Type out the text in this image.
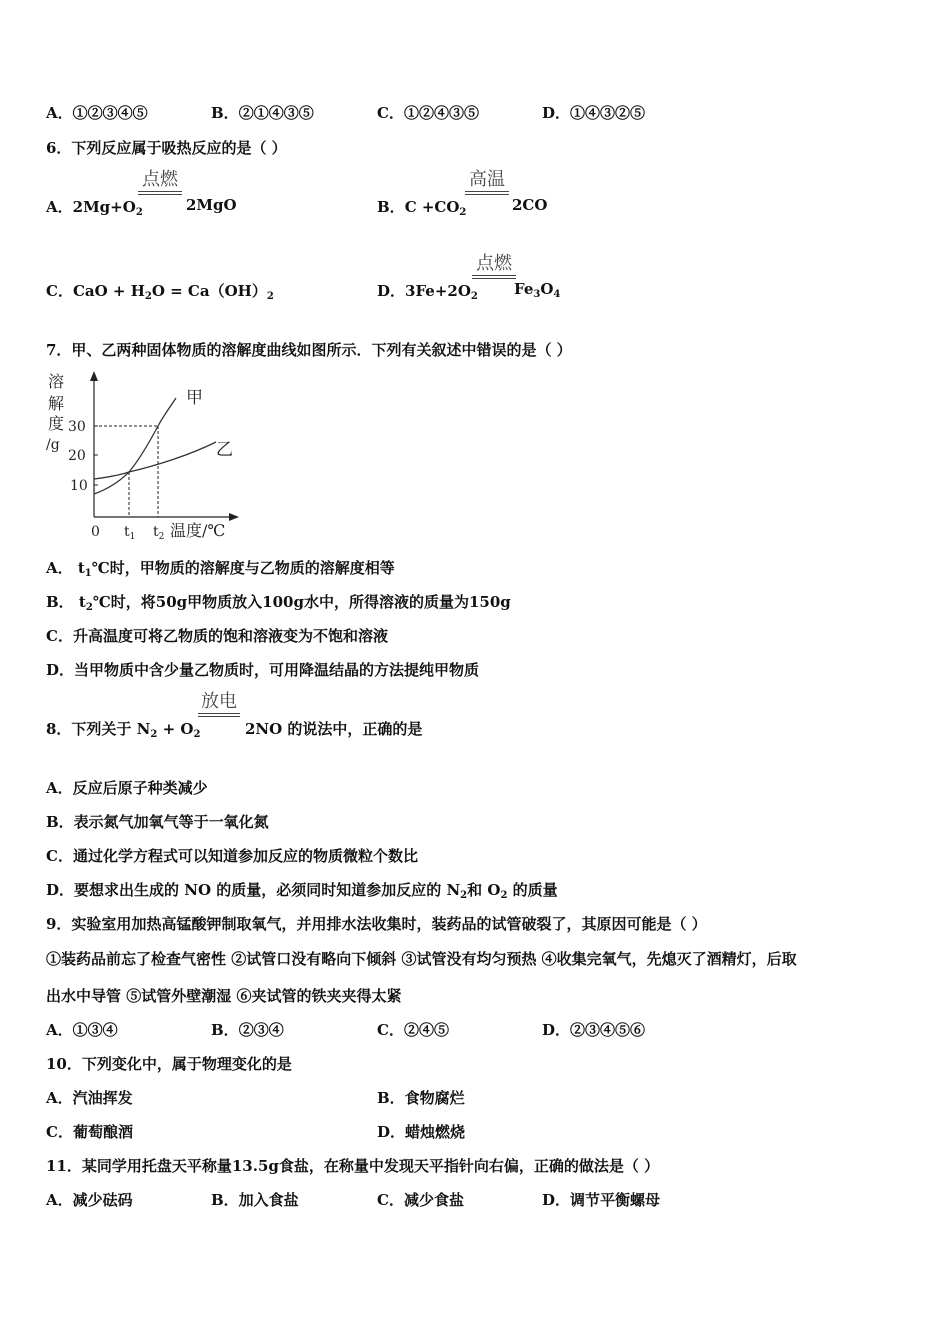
A．①②③④⑤	B．②①④③⑤	C．①②④③⑤	D．①④③②⑤
6．下列反应属于吸热反应的是（ ）
A．$2Mg+O_2$
点燃
2MgO	B．$C +CO_2$
高温
2CO
C．CaO + $H_2O = Ca(OH)_2$	D．$3Fe+2O_2$
点燃
$Fe_3O_4$
7．甲、乙两种固体物质的溶解度曲线如图所示．下列有关叙述中错误的是（ ）
溶
解
度
/g
30
20
10
甲
乙
0 $t_1$ $t_2$ 温度/℃
A． $t_1℃$时，甲物质的溶解度与乙物质的溶解度相等
B． $t_2℃$时，将50g甲物质放入100g水中，所得溶液的质量为150g
C．升高温度可将乙物质的饱和溶液变为不饱和溶液
D．当甲物质中含少量乙物质时，可用降温结晶的方法提纯甲物质
8．下列关于 $N_2 + O_2$
放电
2NO 的说法中，正确的是
A．反应后原子种类减少
B．表示氮气加氧气等于一氧化氮
C．通过化学方程式可以知道参加反应的物质微粒个数比
D．要想求出生成的 NO 的质量，必须同时知道参加反应的 $N_2$和 $O_2$ 的质量
9．实验室用加热高锰酸钾制取氧气，并用排水法收集时，装药品的试管破裂了，其原因可能是（ ）
①装药品前忘了检查气密性 ②试管口没有略向下倾斜 ③试管没有均匀预热 ④收集完氧气，先熄灭了酒精灯，后取
出水中导管 ⑤试管外壁潮湿 ⑥夹试管的铁夹夹得太紧
A．①③④	B．②③④	C．②④⑤	D．②③④⑤⑥
10．下列变化中，属于物理变化的是
A．汽油挥发	B．食物腐烂
C．葡萄酿酒	D．蜡烛燃烧
11．某同学用托盘天平称量13.5g食盐，在称量中发现天平指针向右偏，正确的做法是（ ）
A．减少砝码	B．加入食盐	C．减少食盐	D．调节平衡螺母
